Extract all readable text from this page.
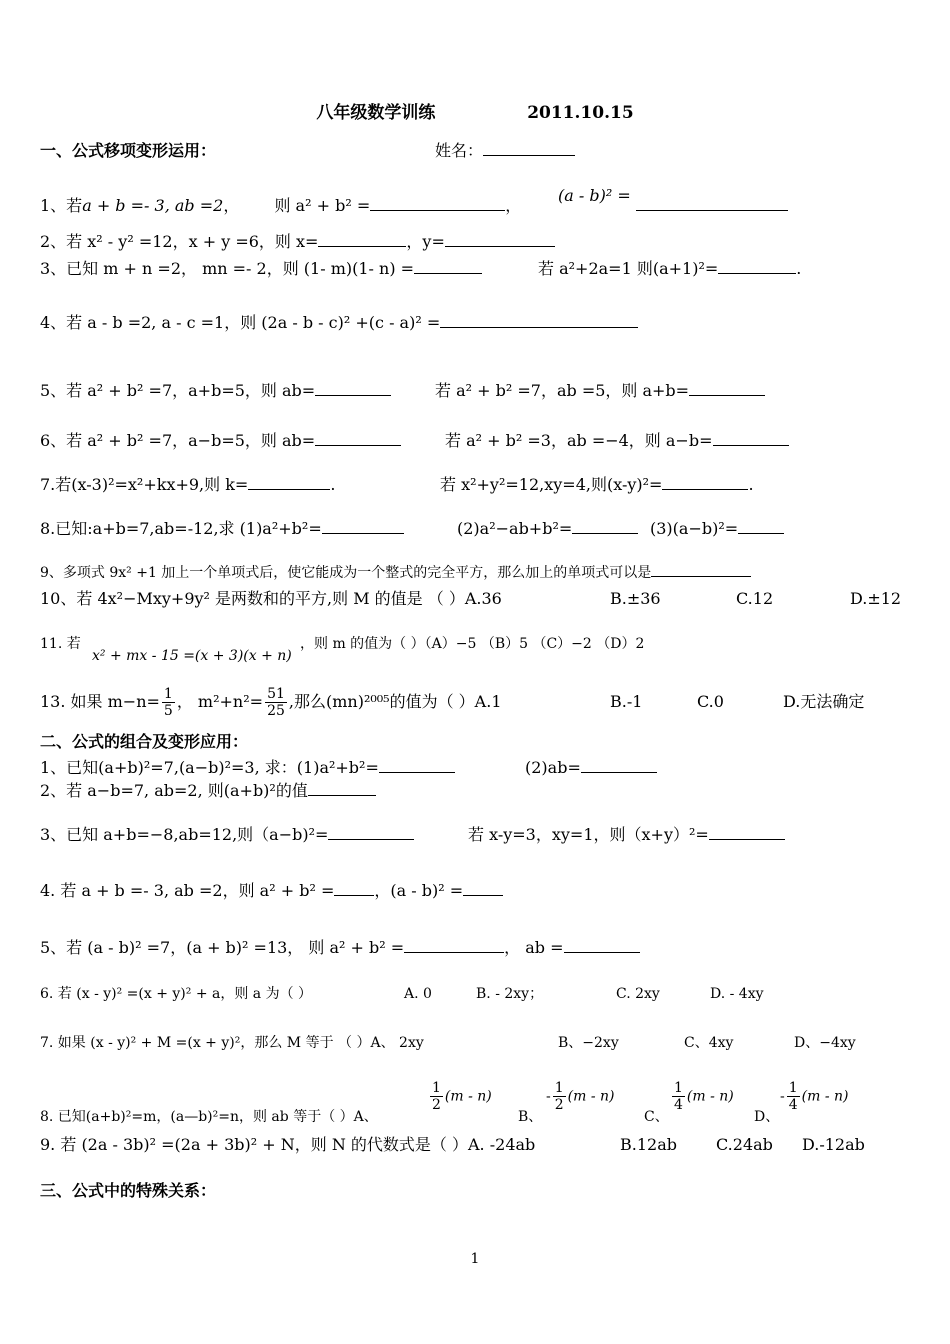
八年级数学训练	2011.10.15
一、公式移项变形运用：	姓名：
1、若a + b =- 3, ab =2， 则 a² + b² =	，
(a - b)² =
2、若 x² - y² =12，x + y =6，则 x=	，y=
3、已知 m + n =2， mn =- 2，则 (1- m)(1- n) =	若 a²+2a=1 则(a+1)²=	.
4、若 a - b =2, a - c =1，则 (2a - b - c)² +(c - a)² =
5、若 a² + b² =7，a+b=5，则 ab=	若 a² + b² =7，ab =5，则 a+b=
6、若 a² + b² =7，a−b=5，则 ab=	若 a² + b² =3，ab =−4，则 a−b=
7.若(x-3)²=x²+kx+9,则 k=	.	若 x²+y²=12,xy=4,则(x-y)²=	.
8.已知:a+b=7,ab=-12,求 (1)a²+b²=	(2)a²−ab+b²=	(3)(a−b)²=
9、多项式 9x² +1 加上一个单项式后，使它能成为一个整式的完全平方，那么加上的单项式可以是
10、若 4x²−Mxy+9y² 是两数和的平方,则 M 的值是 （ ）A.36	B.±36	C.12	D.±12
11. 若
x² + mx - 15 =(x + 3)(x + n)
，则 m 的值为（ ）（A）−5 （B）5 （C）−2 （D）2
13. 如果 $m-n= \frac{1}{5}$ ， $m^2+n^2= \frac{51}{25}$ ,那么(mn)²⁰⁰⁵的值为（ ）A.1	B.-1	C.0	D.无法确定
二、公式的组合及变形应用：
1、已知(a+b)²=7,(a−b)²=3, 求：(1)a²+b²=	(2)ab=
2、若 a−b=7, ab=2, 则(a+b)²的值
3、已知 a+b=−8,ab=12,则（a−b)²=	若 x-y=3，xy=1，则（x+y）²=
4. 若 a + b =- 3, ab =2，则 a² + b² =	，(a - b)² =
5、若 (a - b)² =7，(a + b)² =13， 则 a² + b² =	， ab =
6. 若 (x - y)² =(x + y)² + a，则 a 为（ ）	A. 0	B. - 2xy；	C. 2xy	D. - 4xy
7. 如果 (x - y)² + M =(x + y)²，那么 M 等于 （ ）A、 2xy	B、−2xy	C、4xy	D、−4xy
8. 已知(a+b)²=m，(a—b)²=n，则 ab 等于（ ）A、
$\frac{1}{2} (m - n)$
B、
- $\frac{1}{2} (m - n)$
C、
$\frac{1}{4} (m - n)$
D、
- $\frac{1}{4} (m - n)$
9. 若 (2a - 3b)² =(2a + 3b)² + N，则 N 的代数式是（ ）A. -24ab	B.12ab C.24ab D.-12ab
三、公式中的特殊关系：
1
